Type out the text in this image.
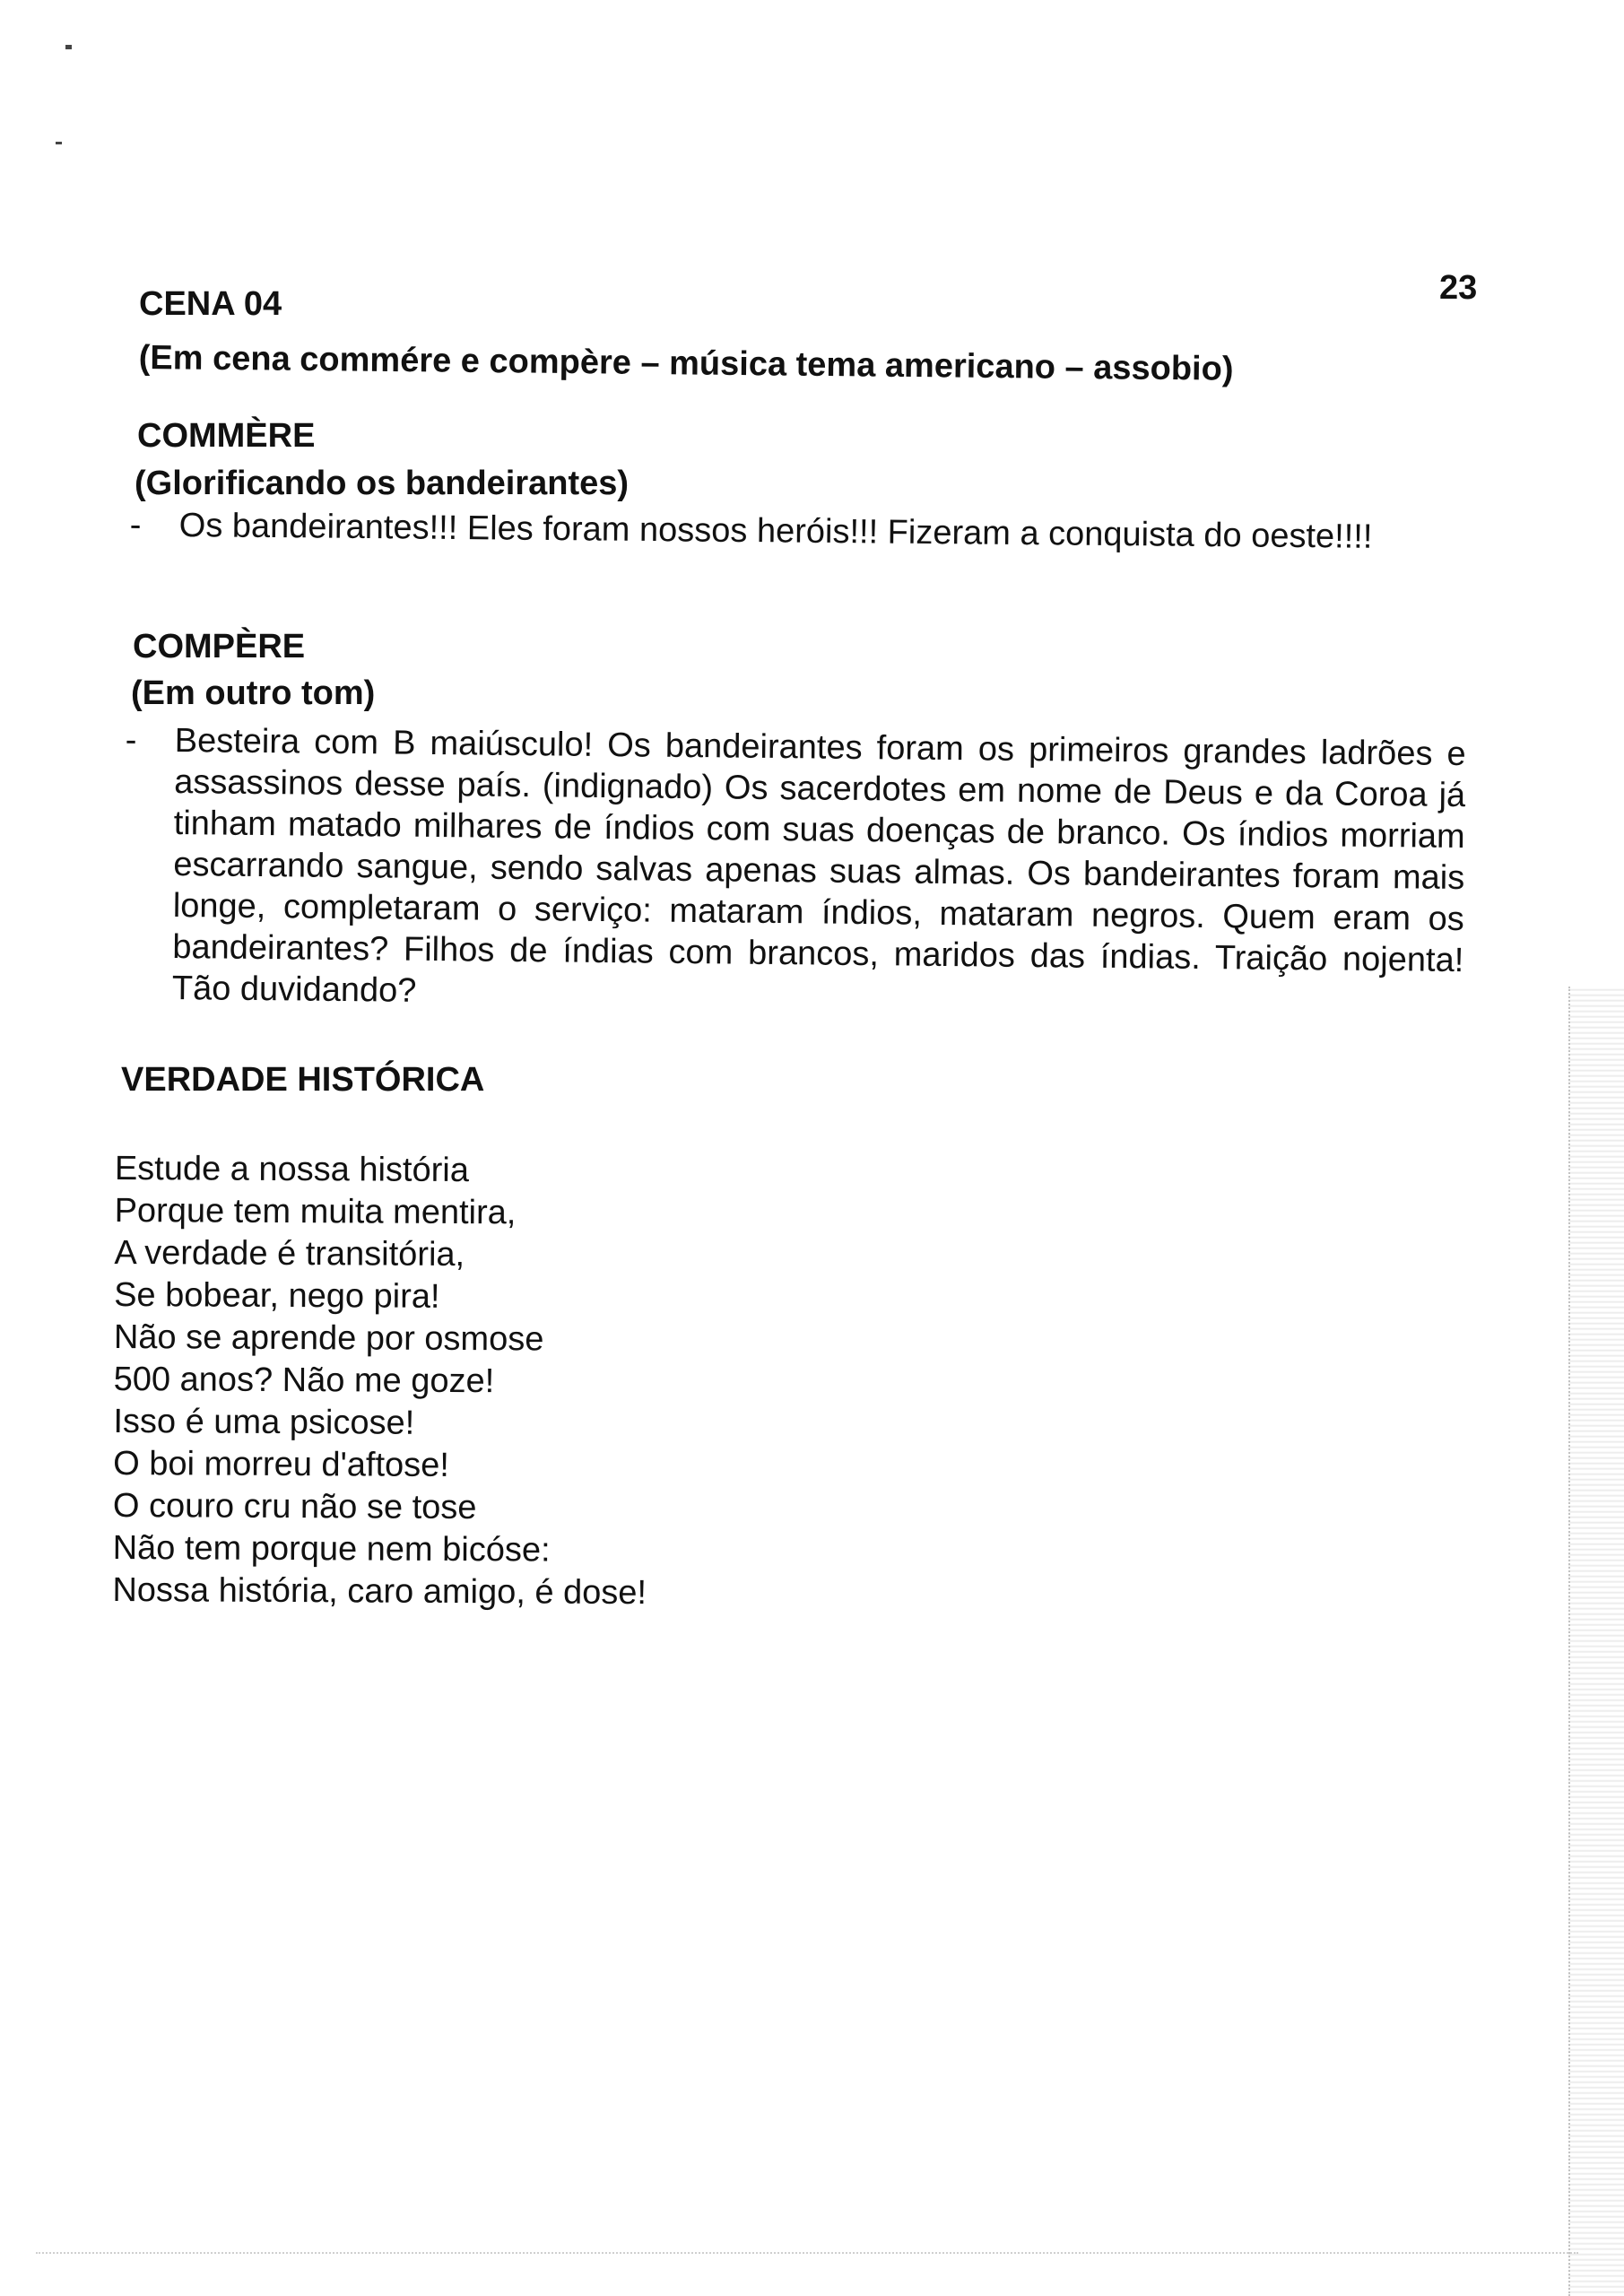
23
CENA 04
(Em cena commére e compère – música tema americano – assobio)
COMMÈRE
(Glorificando os bandeirantes)
- Os bandeirantes!!! Eles foram nossos heróis!!! Fizeram a conquista do oeste!!!!

COMPÈRE
(Em outro tom)
- Besteira com B maiúsculo! Os bandeirantes foram os primeiros grandes ladrões e assassinos desse país. (indignado) Os sacerdotes em nome de Deus e da Coroa já tinham matado milhares de índios com suas doenças de branco. Os índios morriam escarrando sangue, sendo salvas apenas suas almas. Os bandeirantes foram mais longe, completaram o serviço: mataram índios, mataram negros. Quem eram os bandeirantes? Filhos de índias com brancos, maridos das índias. Traição nojenta! Tão duvidando?

VERDADE HISTÓRICA
Estude a nossa história
Porque tem muita mentira,
A verdade é transitória,
Se bobear, nego pira!
Não se aprende por osmose
500 anos? Não me goze!
Isso é uma psicose!
O boi morreu d'aftose!
O couro cru não se tose
Não tem porque nem bicóse:
Nossa história, caro amigo, é dose!
